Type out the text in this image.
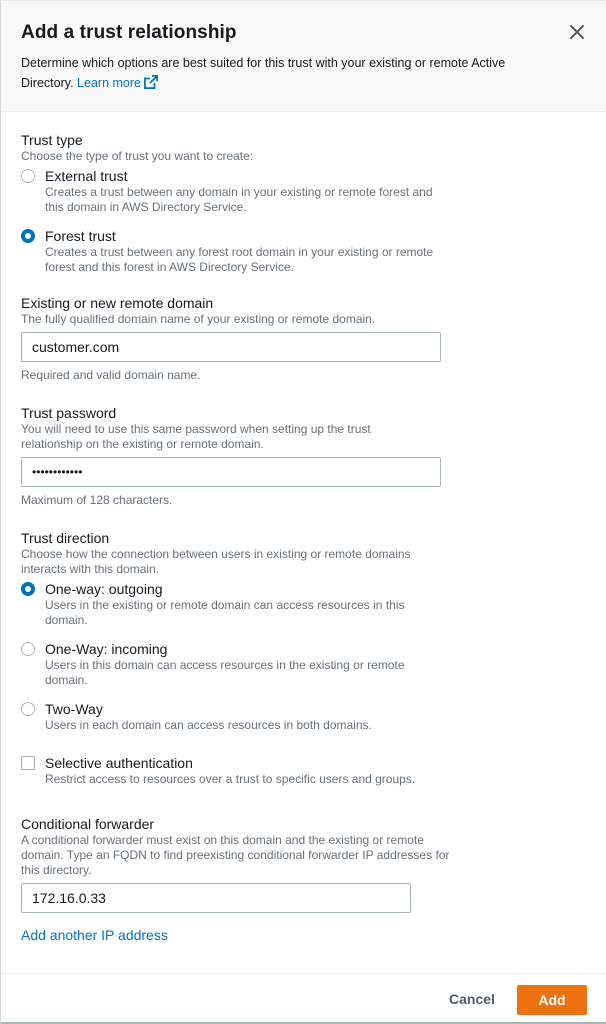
Add a trust relationship
Determine which options are best suited for this trust with your existing or remote Active Directory. Learn more
Trust type
Choose the type of trust you want to create:
External trust
Creates a trust between any domain in your existing or remote forest and this domain in AWS Directory Service.
Forest trust
Creates a trust between any forest root domain in your existing or remote forest and this forest in AWS Directory Service.
Existing or new remote domain
The fully qualified domain name of your existing or remote domain.
customer.com
Required and valid domain name.
Trust password
You will need to use this same password when setting up the trust relationship on the existing or remote domain.
••••••••••••
Maximum of 128 characters.
Trust direction
Choose how the connection between users in existing or remote domains interacts with this domain.
One-way: outgoing
Users in the existing or remote domain can access resources in this domain.
One-Way: incoming
Users in this domain can access resources in the existing or remote domain.
Two-Way
Users in each domain can access resources in both domains.
Selective authentication
Restrict access to resources over a trust to specific users and groups.
Conditional forwarder
A conditional forwarder must exist on this domain and the existing or remote domain. Type an FQDN to find preexisting conditional forwarder IP addresses for this directory.
172.16.0.33
Add another IP address
Cancel	Add
